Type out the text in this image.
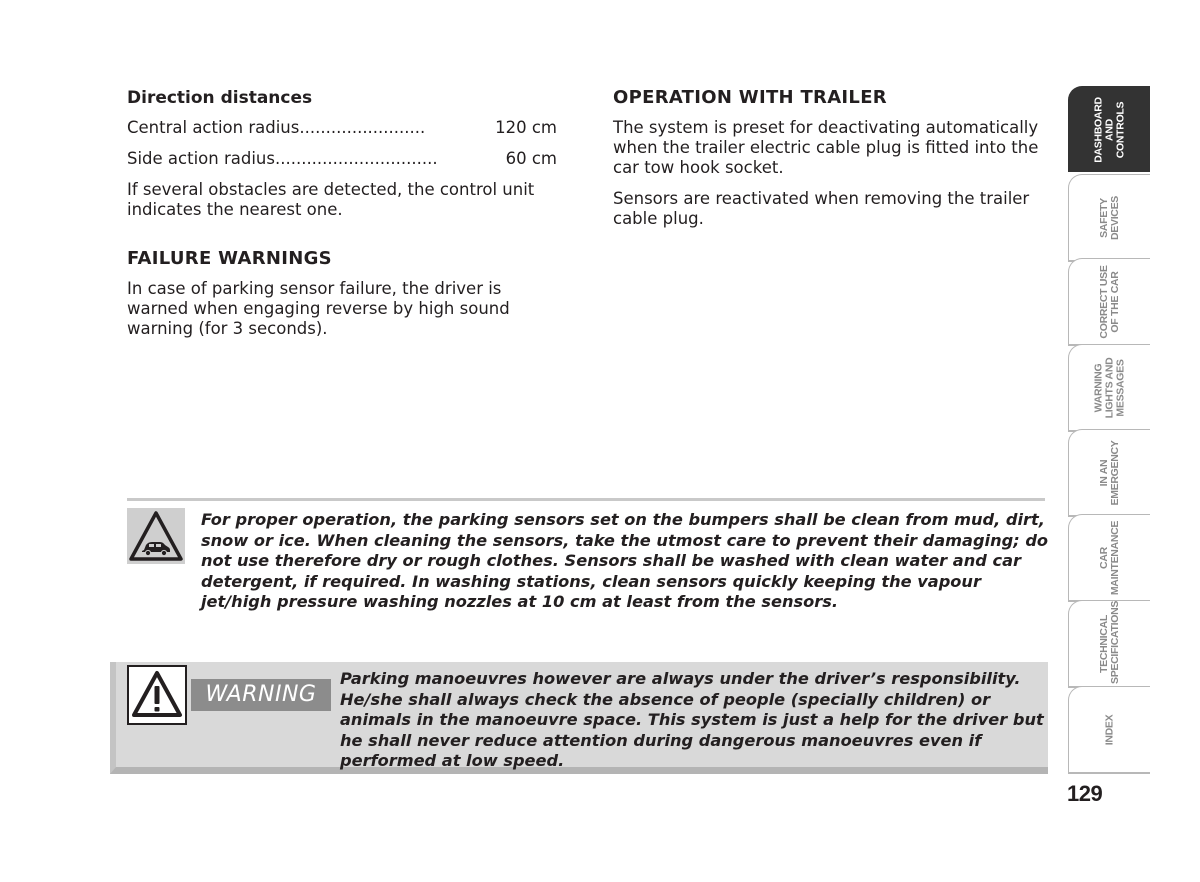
Direction distances
Central action radius ........................	120 cm
Side action radius ...............................	60 cm
If several obstacles are detected, the control unit indicates the nearest one.
FAILURE WARNINGS
In case of parking sensor failure, the driver is warned when engaging reverse by high sound warning (for 3 seconds).
OPERATION WITH TRAILER
The system is preset for deactivating automatically when the trailer electric cable plug is fitted into the car tow hook socket.
Sensors are reactivated when removing the trailer cable plug.
For proper operation, the parking sensors set on the bumpers shall be clean from mud, dirt, snow or ice. When cleaning the sensors, take the utmost care to prevent their damaging; do not use therefore dry or rough clothes. Sensors shall be washed with clean water and car detergent, if required. In washing stations, clean sensors quickly keeping the vapour jet/high pressure washing nozzles at 10 cm at least from the sensors.
WARNING
Parking manoeuvres however are always under the driver’s responsibility. He/she shall always check the absence of people (specially children) or animals in the manoeuvre space. This system is just a help for the driver but he shall never reduce attention during dangerous manoeuvres even if performed at low speed.
DASHBOARD
AND
CONTROLS
SAFETY
DEVICES
CORRECT USE
OF THE CAR
WARNING
LIGHTS AND
MESSAGES
IN AN
EMERGENCY
CAR
MAINTENANCE
TECHNICAL
SPECIFICATIONS
INDEX
129
